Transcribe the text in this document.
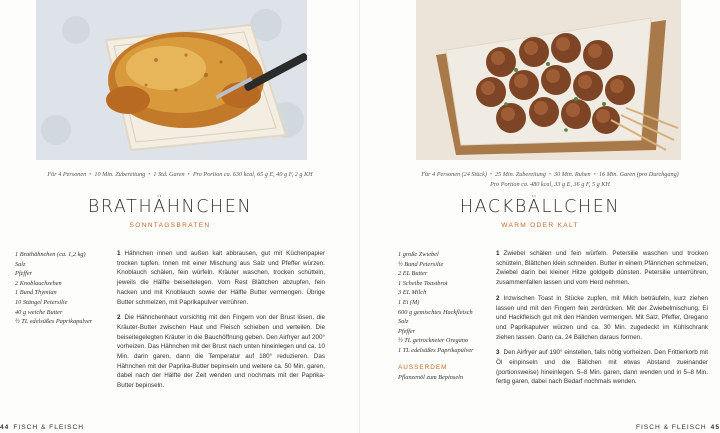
Für 4 Personen • 10 Min. Zubereitung • 1 Std. Garen • Pro Portion ca. 630 kcal, 65 g E, 40 g F, 2 g KH
BRATHÄHNCHEN
SONNTAGSBRATEN
1 Brathähnchen (ca. 1,2 kg)
Salz
Pfeffer
2 Knoblauchzehen
1 Bund Thymian
10 Stängel Petersilie
40 g weiche Butter
½ TL edelsüßes Paprikapulver

1 Hähnchen innen und außen kalt abbrausen, gut mit Küchenpapier trocken tupfen. Innen mit einer Mischung aus Salz und Pfeffer würzen. Knoblauch schälen, fein würfeln. Kräuter waschen, trocken schütteln, jeweils die Hälfte beiseitelegen. Vom Rest Blättchen abzupfen, fein hacken und mit Knoblauch sowie der Hälfte Butter vermengen. Übrige Butter schmelzen, mit Paprikapulver verrühren.

2 Die Hähnchenhaut vorsichtig mit den Fingern von der Brust lösen, die Kräuter-Butter zwischen Haut und Fleisch schieben und verteilen. Die beiseitegelegten Kräuter in die Bauchöffnung geben. Den Airfryer auf 200° vorheizen. Das Hähnchen mit der Brust nach unten hineinlegen und ca. 10 Min. darin garen, dann die Temperatur auf 180° reduzieren. Das Hähnchen mit der Paprika-Butter bepinseln und weitere ca. 50 Min. garen, dabei nach der Hälfte der Zeit wenden und nochmals mit der Paprika-Butter bepinseln.

44 FISCH & FLEISCH
Für 4 Personen (24 Stück) • 25 Min. Zubereitung • 30 Min. Ruhen • 16 Min. Garen (pro Durchgang)
Pro Portion ca. 480 kcal, 33 g E, 36 g F, 5 g KH
HACKBÄLLCHEN
WARM ODER KALT
1 große Zwiebel
½ Bund Petersilie
2 EL Butter
1 Scheibe Toastbrot
3 EL Milch
1 Ei (M)
600 g gemischtes Hackfleisch
Salz
Pfeffer
½ TL getrockneter Oregano
1 TL edelsüßes Paprikapulver
AUSSERDEM
Pflanzenöl zum Bepinseln

1 Zwiebel schälen und fein würfeln. Petersilie waschen und trocken schütteln, Blättchen klein schneiden. Butter in einem Pfännchen schmelzen, Zwiebel darin bei kleiner Hitze goldgelb dünsten. Petersilie unterrühren, zusammenfallen lassen und vom Herd nehmen.

2 Inzwischen Toast in Stücke zupfen, mit Milch beträufeln, kurz ziehen lassen und mit den Fingern fein zerdrücken. Mit der Zwiebelmischung, Ei und Hackfleisch gut mit den Händen vermengen. Mit Salz, Pfeffer, Oregano und Paprikapulver würzen und ca. 30 Min. zugedeckt im Kühlschrank ziehen lassen. Dann ca. 24 Bällchen daraus formen.

3 Den Airfryer auf 190° einstellen, falls nötig vorheizen. Den Frittierkorb mit Öl einpinseln und die Bällchen mit etwas Abstand zueinander (portionsweise) hineinlegen. 5–8 Min. garen, dann wenden und in 5–8 Min. fertig garen, dabei nach Bedarf nochmals wenden.

FISCH & FLEISCH 45
